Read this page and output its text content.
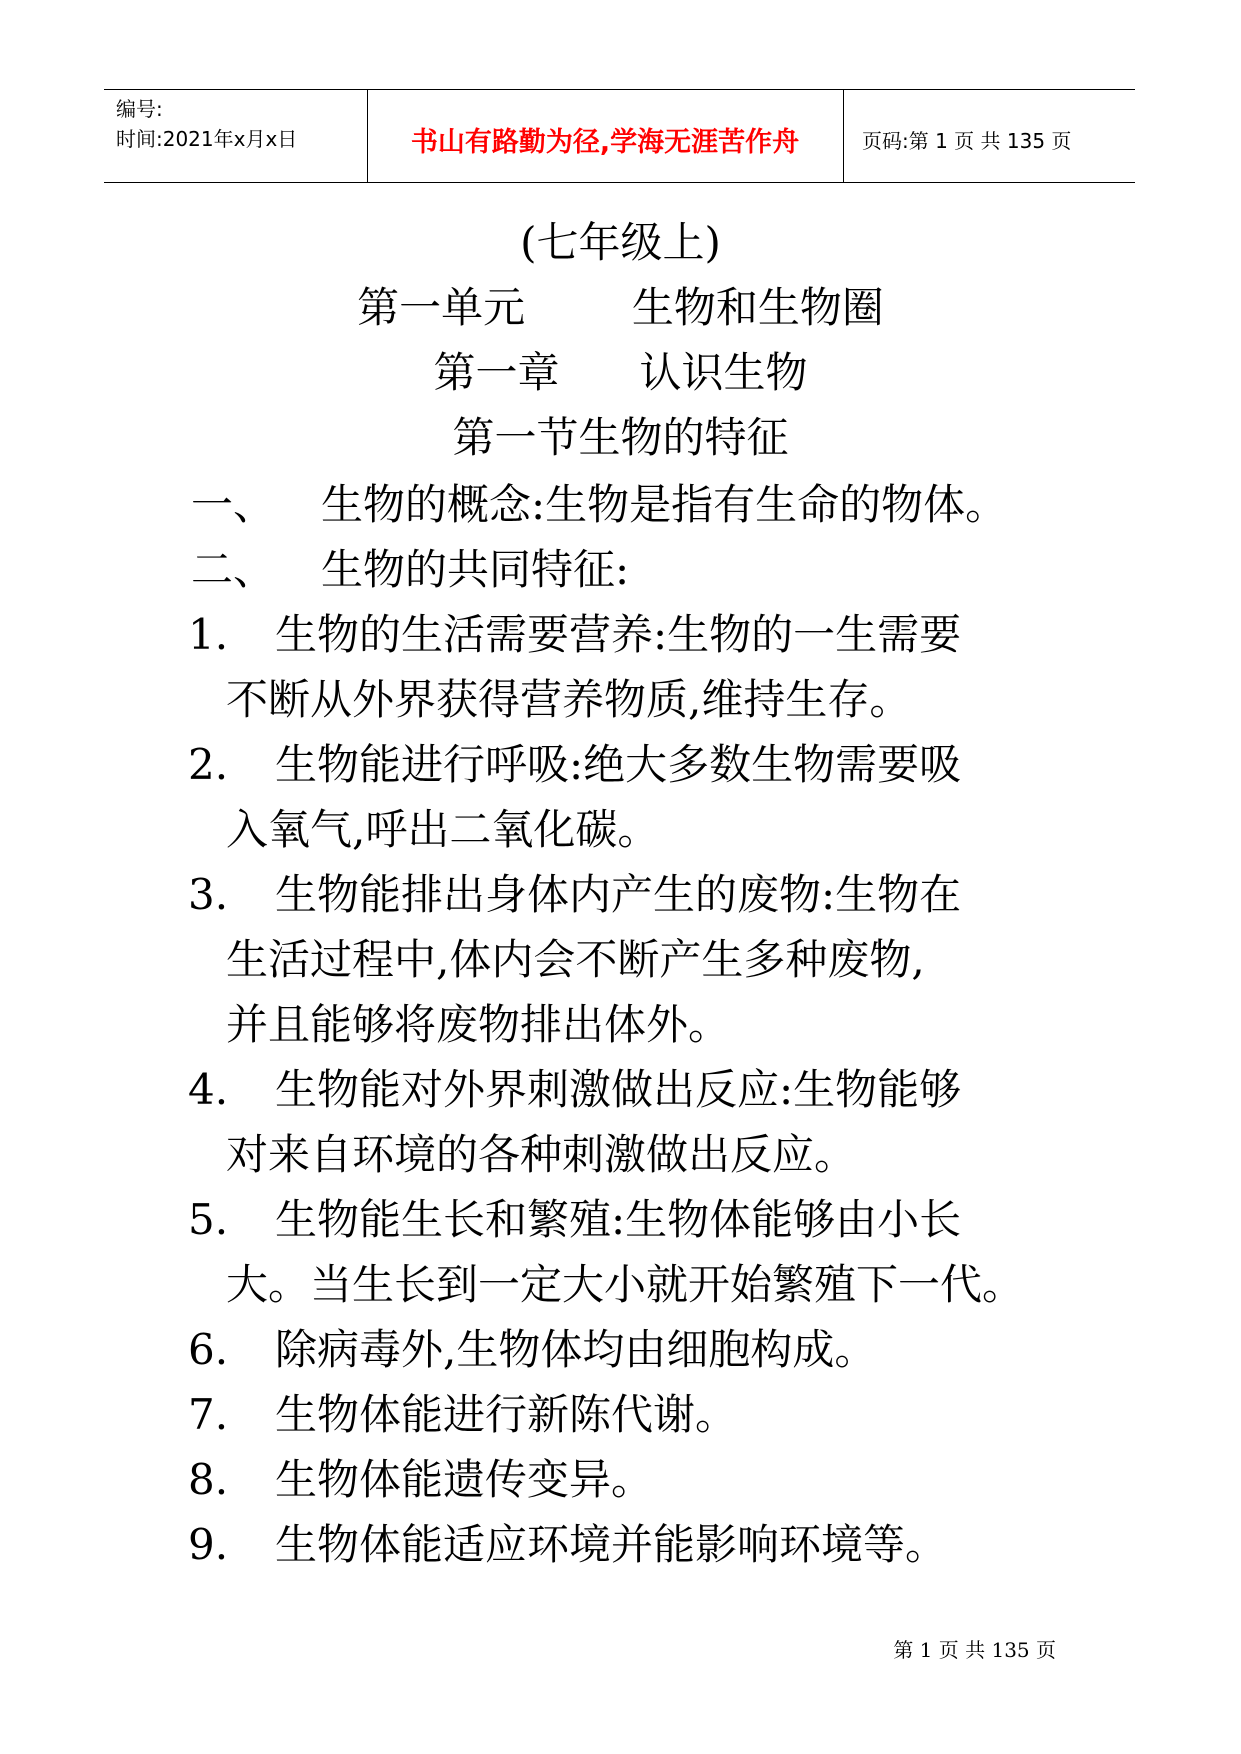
编号:
时间:2021年x月x日	书山有路勤为径,学海无涯苦作舟	页码:第 1 页 共 135 页
(七年级上)
第一单元        生物和生物圈
第一章      认识生物
第一节生物的特征
一、 生物的概念:生物是指有生命的物体。
二、 生物的共同特征:
1. 生物的生活需要营养:生物的一生需要
不断从外界获得营养物质,维持生存。
2. 生物能进行呼吸:绝大多数生物需要吸
入氧气,呼出二氧化碳。
3. 生物能排出身体内产生的废物:生物在
生活过程中,体内会不断产生多种废物,
并且能够将废物排出体外。
4. 生物能对外界刺激做出反应:生物能够
对来自环境的各种刺激做出反应。
5. 生物能生长和繁殖:生物体能够由小长
大。当生长到一定大小就开始繁殖下一代。
6. 除病毒外,生物体均由细胞构成。
7. 生物体能进行新陈代谢。
8. 生物体能遗传变异。
9. 生物体能适应环境并能影响环境等。
第 1 页 共 135 页
